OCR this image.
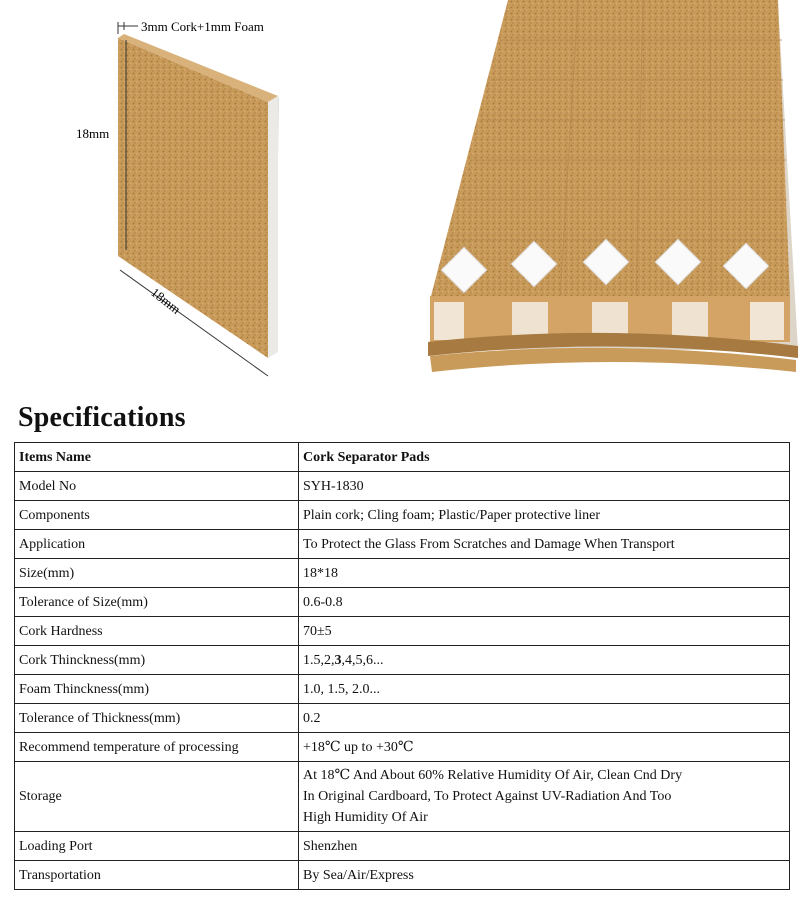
3mm Cork+1mm Foam
18mm
18mm
Specifications
Items Name	Cork Separator Pads
Model No	SYH-1830
Components	Plain cork; Cling foam; Plastic/Paper protective liner
Application	To Protect the Glass From Scratches and Damage When Transport
Size(mm)	18*18
Tolerance of Size(mm)	0.6-0.8
Cork Hardness	70±5
Cork Thinckness(mm)	1.5,2,3,4,5,6...
Foam Thinckness(mm)	1.0, 1.5, 2.0...
Tolerance of Thickness(mm)	0.2
Recommend temperature of processing	+18℃ up to +30℃
Storage	At 18℃ And About 60% Relative Humidity Of Air, Clean Cnd Dry
In Original Cardboard, To Protect Against UV-Radiation And Too
High Humidity Of Air

Loading Port	Shenzhen
Transportation	By Sea/Air/Express
